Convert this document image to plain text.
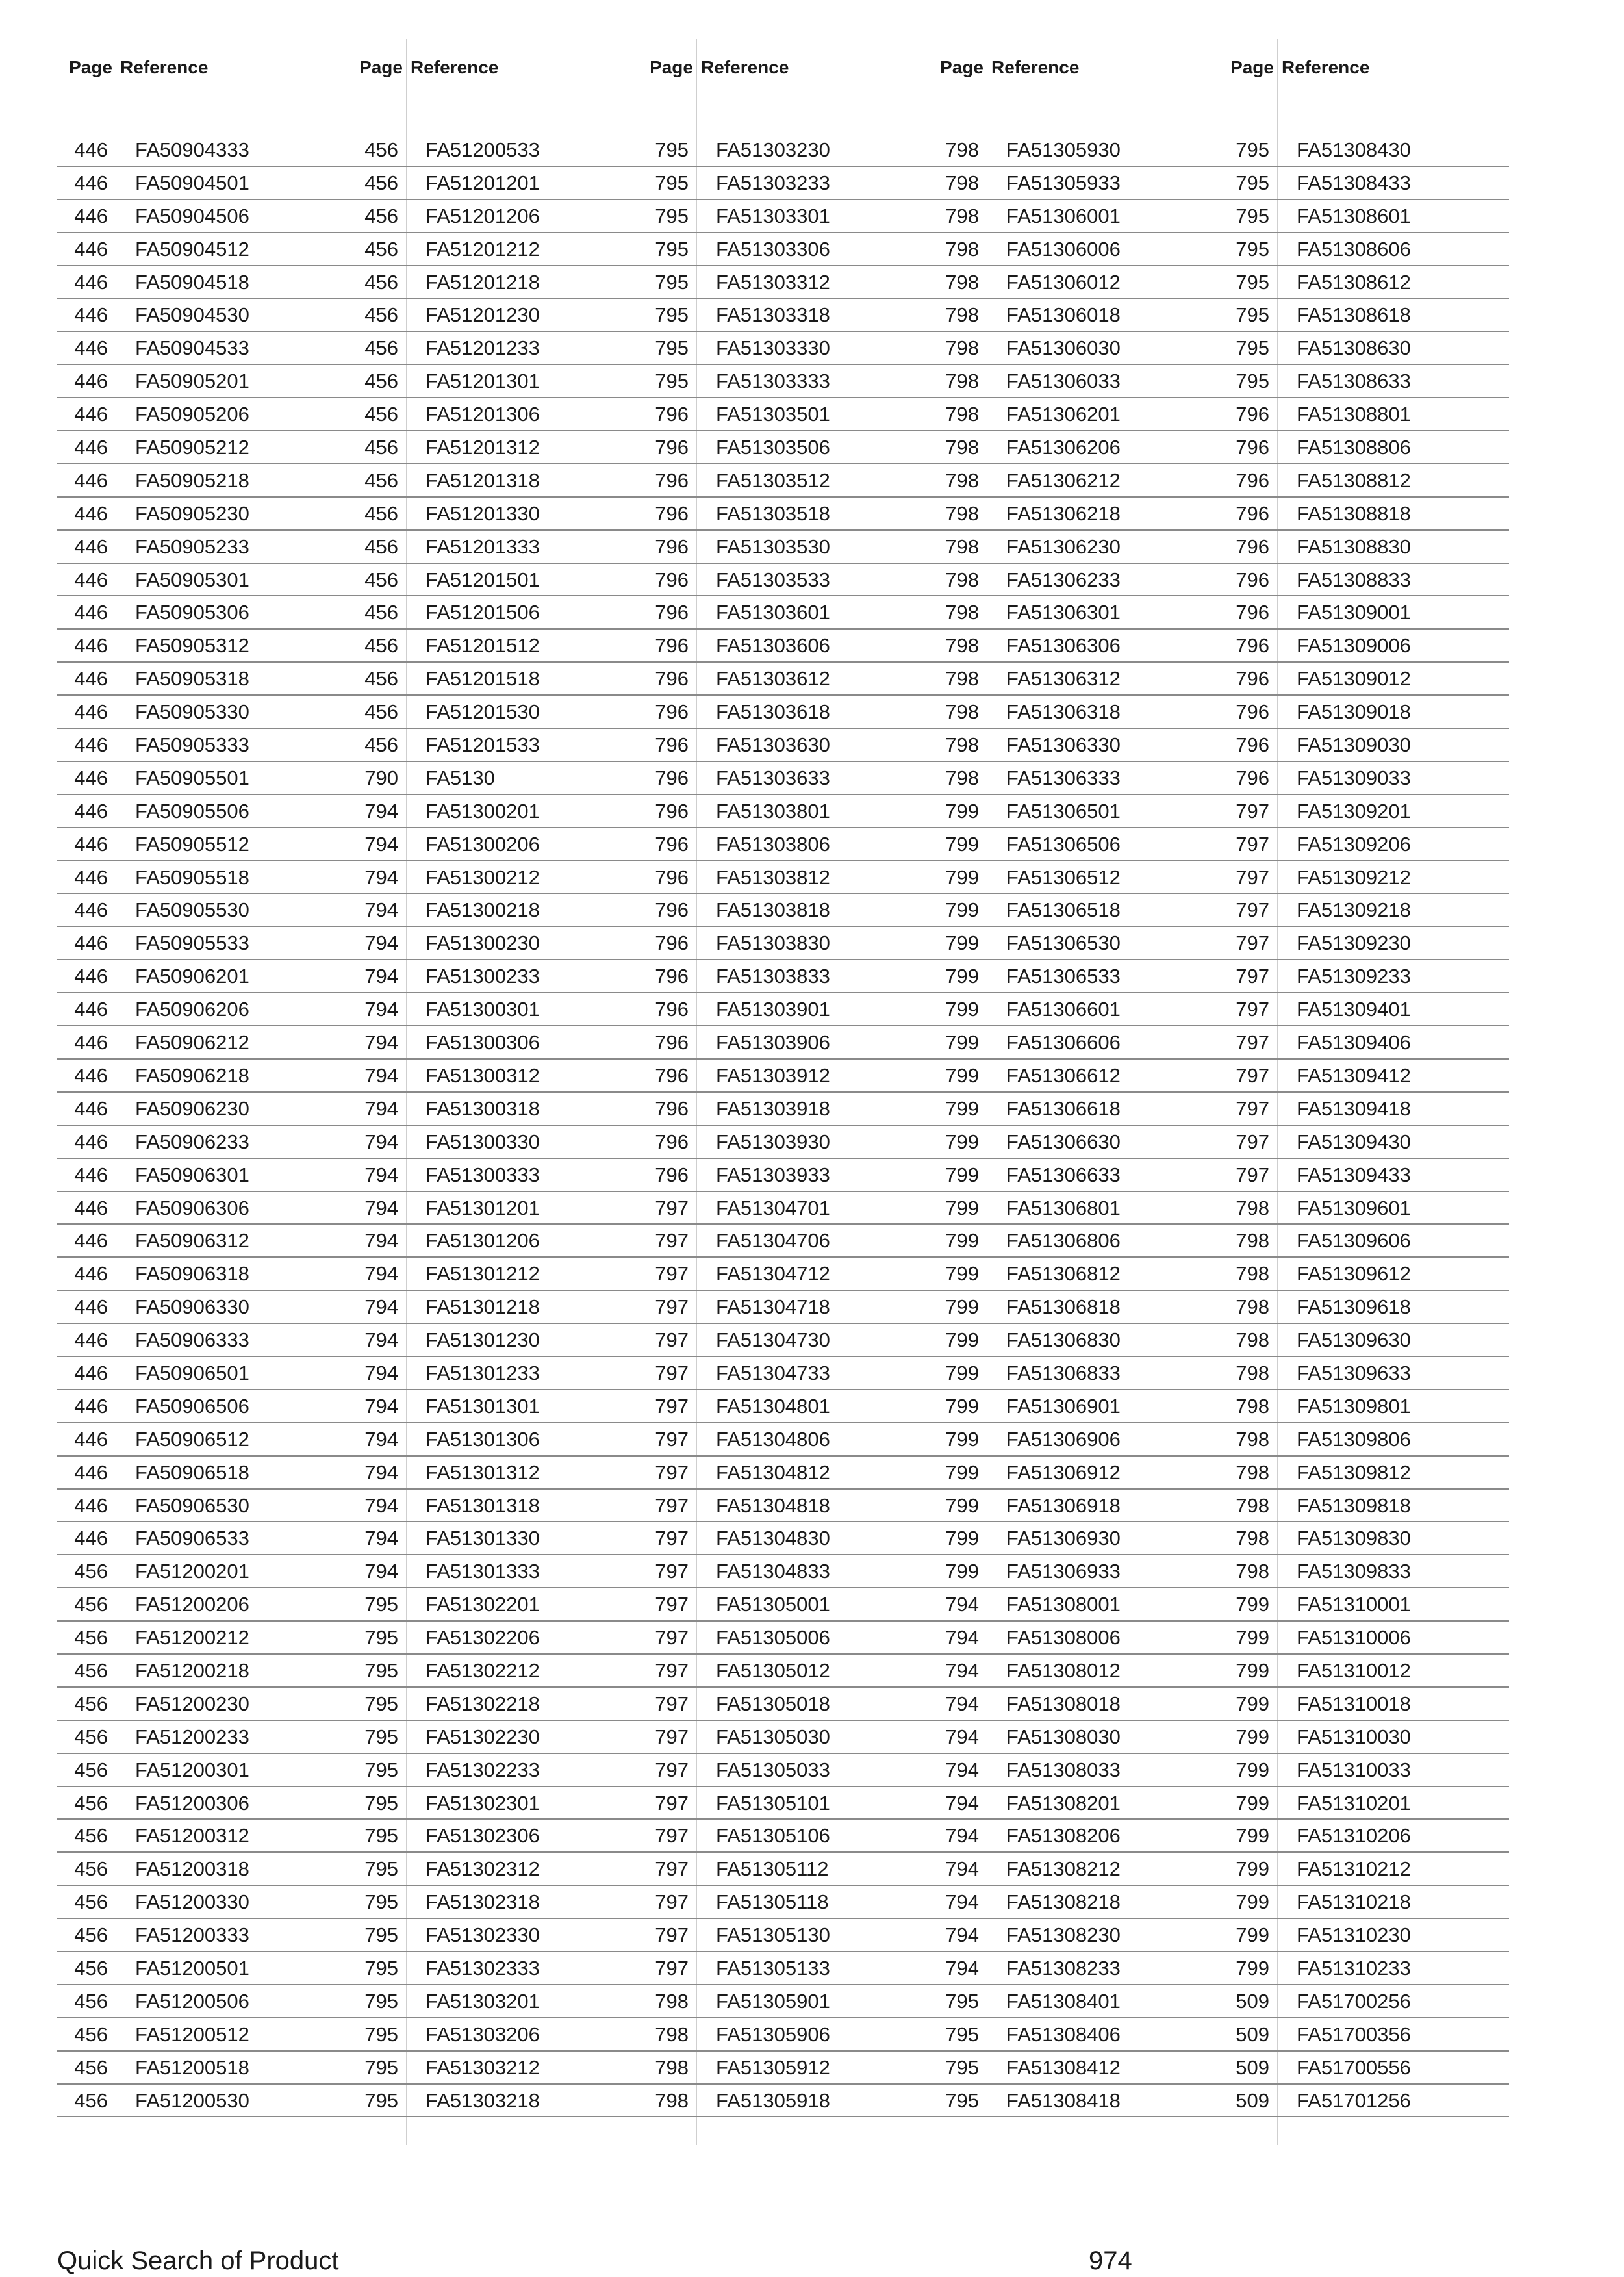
Page Reference
446 FA50904333
446 FA50904501
446 FA50904506
446 FA50904512
446 FA50904518
446 FA50904530
446 FA50904533
446 FA50905201
446 FA50905206
446 FA50905212
446 FA50905218
446 FA50905230
446 FA50905233
446 FA50905301
446 FA50905306
446 FA50905312
446 FA50905318
446 FA50905330
446 FA50905333
446 FA50905501
446 FA50905506
446 FA50905512
446 FA50905518
446 FA50905530
446 FA50905533
446 FA50906201
446 FA50906206
446 FA50906212
446 FA50906218
446 FA50906230
446 FA50906233
446 FA50906301
446 FA50906306
446 FA50906312
446 FA50906318
446 FA50906330
446 FA50906333
446 FA50906501
446 FA50906506
446 FA50906512
446 FA50906518
446 FA50906530
446 FA50906533
456 FA51200201
456 FA51200206
456 FA51200212
456 FA51200218
456 FA51200230
456 FA51200233
456 FA51200301
456 FA51200306
456 FA51200312
456 FA51200318
456 FA51200330
456 FA51200333
456 FA51200501
456 FA51200506
456 FA51200512
456 FA51200518
456 FA51200530
Page Reference
456 FA51200533
456 FA51201201
456 FA51201206
456 FA51201212
456 FA51201218
456 FA51201230
456 FA51201233
456 FA51201301
456 FA51201306
456 FA51201312
456 FA51201318
456 FA51201330
456 FA51201333
456 FA51201501
456 FA51201506
456 FA51201512
456 FA51201518
456 FA51201530
456 FA51201533
790 FA5130
794 FA51300201
794 FA51300206
794 FA51300212
794 FA51300218
794 FA51300230
794 FA51300233
794 FA51300301
794 FA51300306
794 FA51300312
794 FA51300318
794 FA51300330
794 FA51300333
794 FA51301201
794 FA51301206
794 FA51301212
794 FA51301218
794 FA51301230
794 FA51301233
794 FA51301301
794 FA51301306
794 FA51301312
794 FA51301318
794 FA51301330
794 FA51301333
795 FA51302201
795 FA51302206
795 FA51302212
795 FA51302218
795 FA51302230
795 FA51302233
795 FA51302301
795 FA51302306
795 FA51302312
795 FA51302318
795 FA51302330
795 FA51302333
795 FA51303201
795 FA51303206
795 FA51303212
795 FA51303218
Page Reference
795 FA51303230
795 FA51303233
795 FA51303301
795 FA51303306
795 FA51303312
795 FA51303318
795 FA51303330
795 FA51303333
796 FA51303501
796 FA51303506
796 FA51303512
796 FA51303518
796 FA51303530
796 FA51303533
796 FA51303601
796 FA51303606
796 FA51303612
796 FA51303618
796 FA51303630
796 FA51303633
796 FA51303801
796 FA51303806
796 FA51303812
796 FA51303818
796 FA51303830
796 FA51303833
796 FA51303901
796 FA51303906
796 FA51303912
796 FA51303918
796 FA51303930
796 FA51303933
797 FA51304701
797 FA51304706
797 FA51304712
797 FA51304718
797 FA51304730
797 FA51304733
797 FA51304801
797 FA51304806
797 FA51304812
797 FA51304818
797 FA51304830
797 FA51304833
797 FA51305001
797 FA51305006
797 FA51305012
797 FA51305018
797 FA51305030
797 FA51305033
797 FA51305101
797 FA51305106
797 FA51305112
797 FA51305118
797 FA51305130
797 FA51305133
798 FA51305901
798 FA51305906
798 FA51305912
798 FA51305918
Page Reference
798 FA51305930
798 FA51305933
798 FA51306001
798 FA51306006
798 FA51306012
798 FA51306018
798 FA51306030
798 FA51306033
798 FA51306201
798 FA51306206
798 FA51306212
798 FA51306218
798 FA51306230
798 FA51306233
798 FA51306301
798 FA51306306
798 FA51306312
798 FA51306318
798 FA51306330
798 FA51306333
799 FA51306501
799 FA51306506
799 FA51306512
799 FA51306518
799 FA51306530
799 FA51306533
799 FA51306601
799 FA51306606
799 FA51306612
799 FA51306618
799 FA51306630
799 FA51306633
799 FA51306801
799 FA51306806
799 FA51306812
799 FA51306818
799 FA51306830
799 FA51306833
799 FA51306901
799 FA51306906
799 FA51306912
799 FA51306918
799 FA51306930
799 FA51306933
794 FA51308001
794 FA51308006
794 FA51308012
794 FA51308018
794 FA51308030
794 FA51308033
794 FA51308201
794 FA51308206
794 FA51308212
794 FA51308218
794 FA51308230
794 FA51308233
795 FA51308401
795 FA51308406
795 FA51308412
795 FA51308418
Page Reference
795 FA51308430
795 FA51308433
795 FA51308601
795 FA51308606
795 FA51308612
795 FA51308618
795 FA51308630
795 FA51308633
796 FA51308801
796 FA51308806
796 FA51308812
796 FA51308818
796 FA51308830
796 FA51308833
796 FA51309001
796 FA51309006
796 FA51309012
796 FA51309018
796 FA51309030
796 FA51309033
797 FA51309201
797 FA51309206
797 FA51309212
797 FA51309218
797 FA51309230
797 FA51309233
797 FA51309401
797 FA51309406
797 FA51309412
797 FA51309418
797 FA51309430
797 FA51309433
798 FA51309601
798 FA51309606
798 FA51309612
798 FA51309618
798 FA51309630
798 FA51309633
798 FA51309801
798 FA51309806
798 FA51309812
798 FA51309818
798 FA51309830
798 FA51309833
799 FA51310001
799 FA51310006
799 FA51310012
799 FA51310018
799 FA51310030
799 FA51310033
799 FA51310201
799 FA51310206
799 FA51310212
799 FA51310218
799 FA51310230
799 FA51310233
509 FA51700256
509 FA51700356
509 FA51700556
509 FA51701256
Quick Search of Product	974
